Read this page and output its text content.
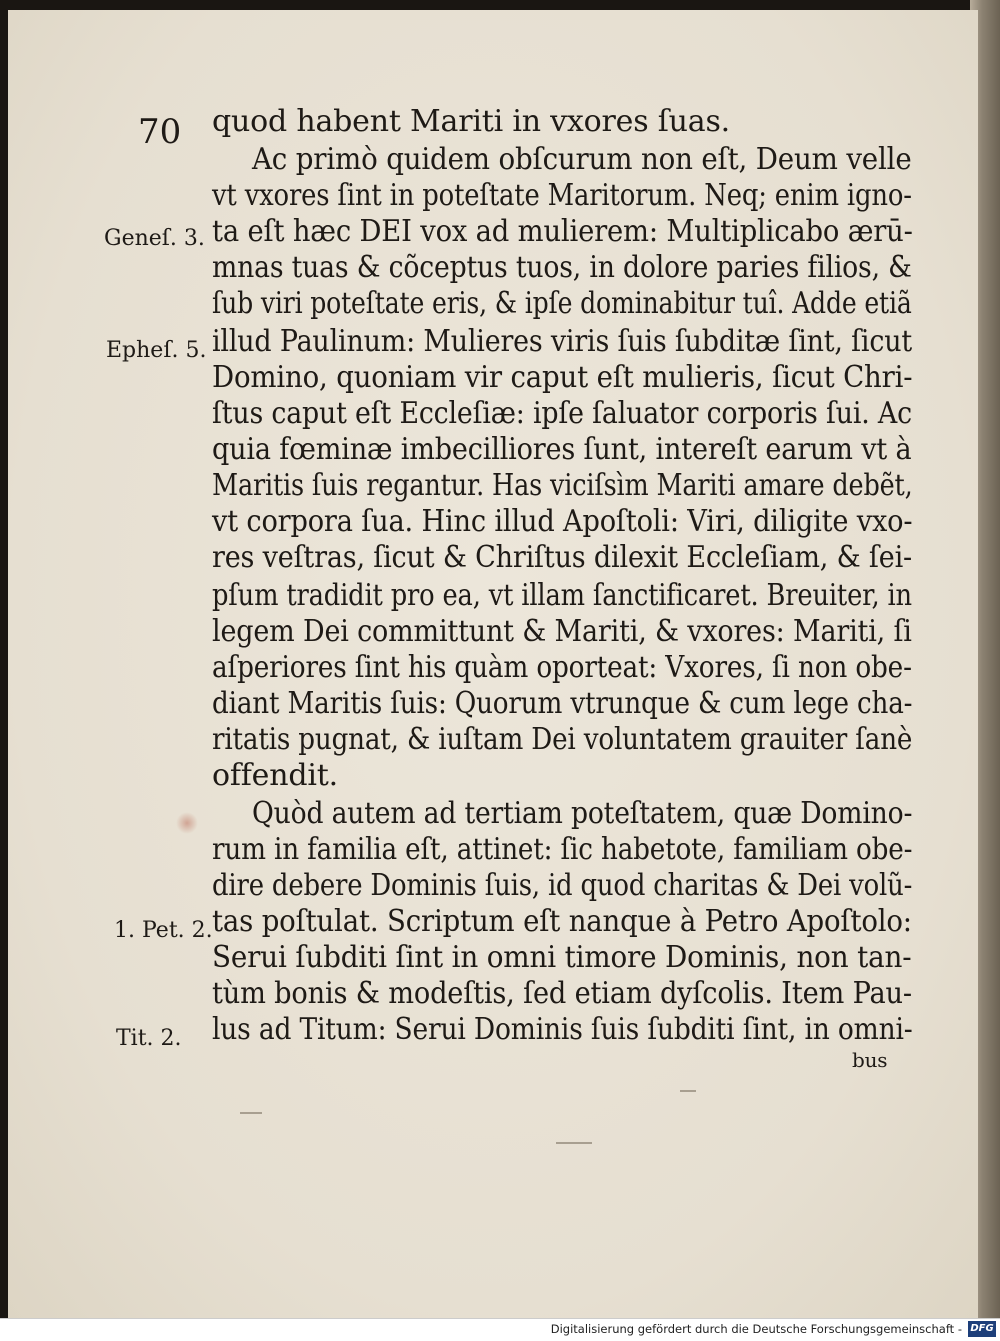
70 quod habent Mariti in vxores ſuas.
Ac primò quidem obſcurum non eſt, Deum velle
vt vxores ſint in poteſtate Maritorum. Neq; enim igno-
ta eſt hæc DEI vox ad mulierem: Multiplicabo ærū-
mnas tuas & cõceptus tuos, in dolore paries filios, &
ſub viri poteſtate eris, & ipſe dominabitur tuî. Adde etiã
illud Paulinum: Mulieres viris ſuis ſubditæ ſint, ſicut
Domino, quoniam vir caput eſt mulieris, ſicut Chri-
ſtus caput eſt Eccleſiæ: ipſe ſaluator corporis ſui. Ac
quia fœminæ imbecilliores ſunt, intereſt earum vt à
Maritis ſuis regantur. Has viciſsìm Mariti amare debẽt,
vt corpora ſua. Hinc illud Apoſtoli: Viri, diligite vxo-
res veſtras, ſicut & Chriſtus dilexit Eccleſiam, & ſei-
pſum tradidit pro ea, vt illam ſanctificaret. Breuiter, in
legem Dei committunt & Mariti, & vxores: Mariti, ſi
aſperiores ſint his quàm oporteat: Vxores, ſi non obe-
diant Maritis ſuis: Quorum vtrunque & cum lege cha-
ritatis pugnat, & iuſtam Dei voluntatem grauiter ſanè
offendit.
Quòd autem ad tertiam poteſtatem, quæ Domino-
rum in familia eſt, attinet: ſic habetote, familiam obe-
dire debere Dominis ſuis, id quod charitas & Dei volũ-
tas poſtulat. Scriptum eſt nanque à Petro Apoſtolo:
Serui ſubditi ſint in omni timore Dominis, non tan-
tùm bonis & modeſtis, ſed etiam dyſcolis. Item Pau-
lus ad Titum: Serui Dominis ſuis ſubditi ſint, in omni-
bus
Geneſ. 3.
Epheſ. 5.
1. Pet. 2.
Tit. 2.
Digitalisierung gefördert durch die Deutsche Forschungsgemeinschaft - DFG
